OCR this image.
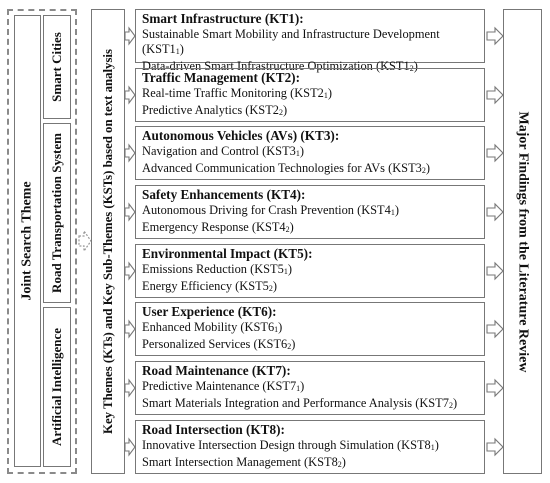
Joint Search Theme
Smart Cities
Road Transportation System
Artificial Intelligence	Key Themes (KTs) and Key Sub-Themes (KSTs) based on text analysis
Smart Infrastructure (KT1):
Sustainable Smart Mobility and Infrastructure Development $(KST1_1)$
Data-driven Smart Infrastructure Optimization $(KST1_2)$
Traffic Management (KT2):
Real-time Traffic Monitoring $(KST2_1)$
Predictive Analytics $(KST2_2)$
Autonomous Vehicles (AVs) (KT3):
Navigation and Control $(KST3_1)$
Advanced Communication Technologies for AVs $(KST3_2)$
Safety Enhancements (KT4):
Autonomous Driving for Crash Prevention $(KST4_1)$
Emergency Response $(KST4_2)$
Environmental Impact (KT5):
Emissions Reduction $(KST5_1)$
Energy Efficiency $(KST5_2)$
User Experience (KT6):
Enhanced Mobility $(KST6_1)$
Personalized Services $(KST6_2)$
Road Maintenance (KT7):
Predictive Maintenance $(KST7_1)$
Smart Materials Integration and Performance Analysis $(KST7_2)$
Road Intersection (KT8):
Innovative Intersection Design through Simulation $(KST8_1)$
Smart Intersection Management $(KST8_2)$
Major Findings from the Literature Review
